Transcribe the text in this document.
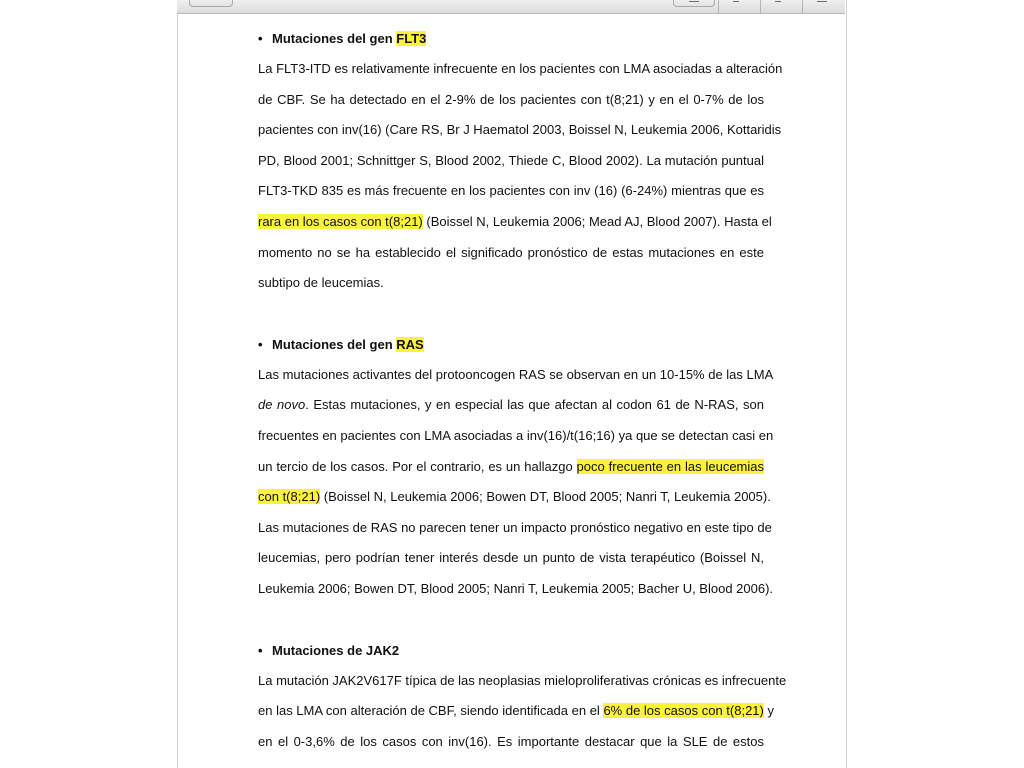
• Mutaciones del gen FLT3
La FLT3-ITD es relativamente infrecuente en los pacientes con LMA asociadas a alteración
de CBF. Se ha detectado en el 2-9% de los pacientes con t(8;21) y en el 0-7% de los
pacientes con inv(16) (Care RS, Br J Haematol 2003, Boissel N, Leukemia 2006, Kottaridis
PD, Blood 2001; Schnittger S, Blood 2002, Thiede C, Blood 2002). La mutación puntual
FLT3-TKD 835 es más frecuente en los pacientes con inv (16) (6-24%) mientras que es
rara en los casos con t(8;21) (Boissel N, Leukemia 2006; Mead AJ, Blood 2007). Hasta el
momento no se ha establecido el significado pronóstico de estas mutaciones en este
subtipo de leucemias.
• Mutaciones del gen RAS
Las mutaciones activantes del protooncogen RAS se observan en un 10-15% de las LMA
de novo. Estas mutaciones, y en especial las que afectan al codon 61 de N-RAS, son
frecuentes en pacientes con LMA asociadas a inv(16)/t(16;16) ya que se detectan casi en
un tercio de los casos. Por el contrario, es un hallazgo poco frecuente en las leucemias
con t(8;21) (Boissel N, Leukemia 2006; Bowen DT, Blood 2005; Nanri T, Leukemia 2005).
Las mutaciones de RAS no parecen tener un impacto pronóstico negativo en este tipo de
leucemias, pero podrían tener interés desde un punto de vista terapéutico (Boissel N,
Leukemia 2006; Bowen DT, Blood 2005; Nanri T, Leukemia 2005; Bacher U, Blood 2006).
• Mutaciones de JAK2
La mutación JAK2V617F típica de las neoplasias mieloproliferativas crónicas es infrecuente
en las LMA con alteración de CBF, siendo identificada en el 6% de los casos con t(8;21) y
en el 0-3,6% de los casos con inv(16). Es importante destacar que la SLE de estos
